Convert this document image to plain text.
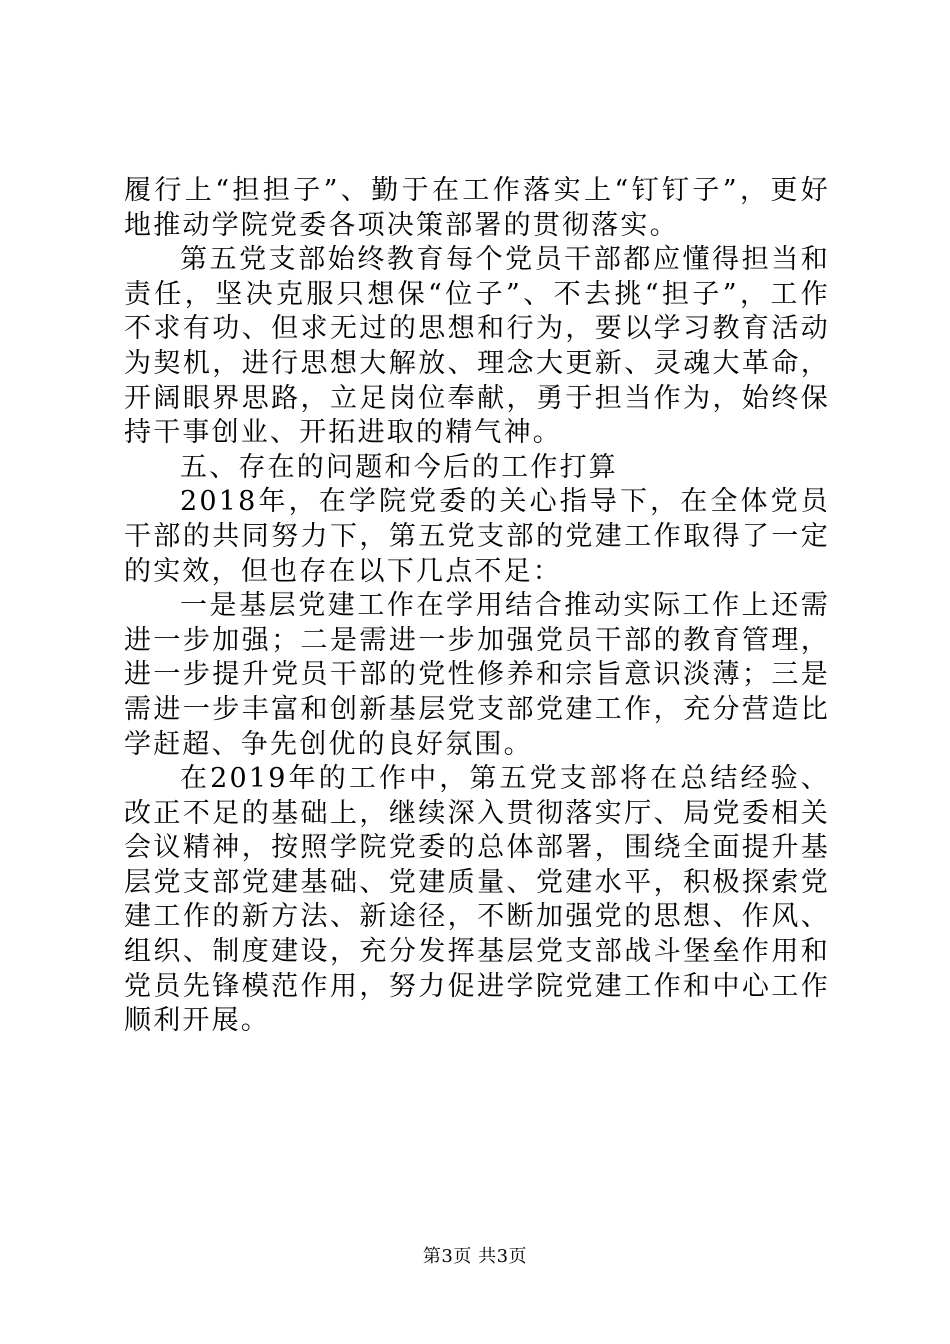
履行上“担担子”、勤于在工作落实上“钉钉子”，更好地推动学院党委各项决策部署的贯彻落实。

第五党支部始终教育每个党员干部都应懂得担当和责任，坚决克服只想保“位子”、不去挑“担子”，工作不求有功、但求无过的思想和行为，要以学习教育活动为契机，进行思想大解放、理念大更新、灵魂大革命，开阔眼界思路，立足岗位奉献，勇于担当作为，始终保持干事创业、开拓进取的精气神。

五、存在的问题和今后的工作打算

2018年，在学院党委的关心指导下，在全体党员干部的共同努力下，第五党支部的党建工作取得了一定的实效，但也存在以下几点不足：

一是基层党建工作在学用结合推动实际工作上还需进一步加强；二是需进一步加强党员干部的教育管理，进一步提升党员干部的党性修养和宗旨意识淡薄；三是需进一步丰富和创新基层党支部党建工作，充分营造比学赶超、争先创优的良好氛围。

在2019年的工作中，第五党支部将在总结经验、改正不足的基础上，继续深入贯彻落实厅、局党委相关会议精神，按照学院党委的总体部署，围绕全面提升基层党支部党建基础、党建质量、党建水平，积极探索党建工作的新方法、新途径，不断加强党的思想、作风、组织、制度建设，充分发挥基层党支部战斗堡垒作用和党员先锋模范作用，努力促进学院党建工作和中心工作顺利开展。

第3页 共3页
